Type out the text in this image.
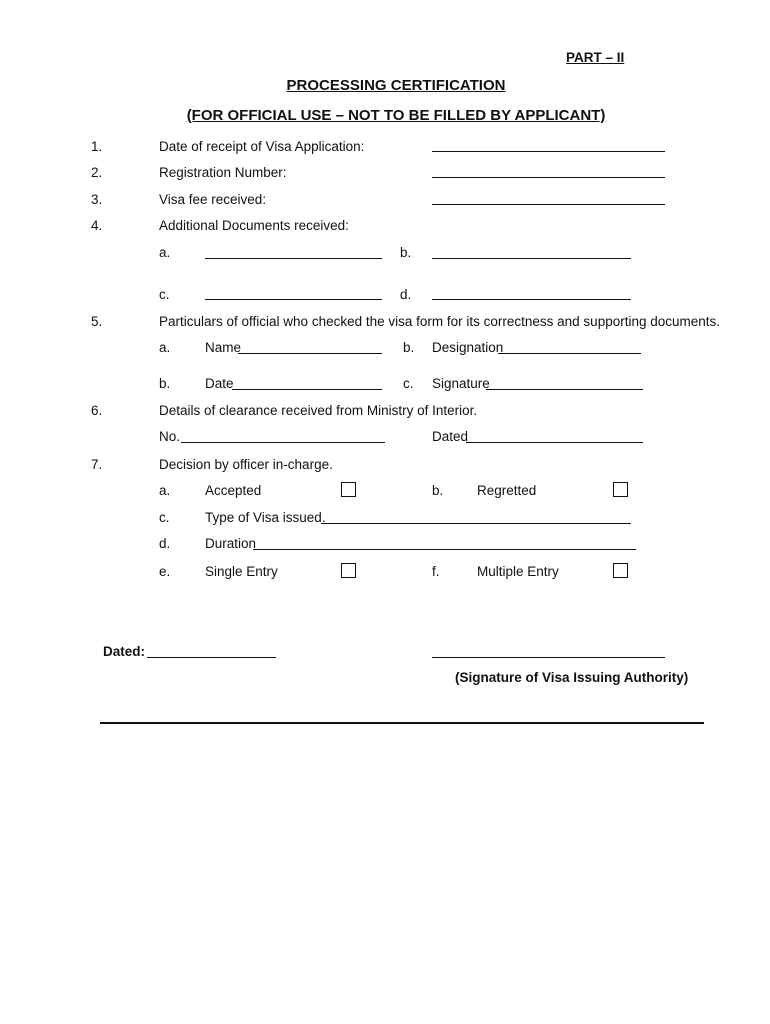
PART – II
PROCESSING CERTIFICATION
(FOR OFFICIAL USE – NOT TO BE FILLED BY APPLICANT)
1.	Date of receipt of Visa Application:
2.	Registration Number:
3.	Visa fee received:
4.	Additional Documents received:
a.	b.
c.	d.
5.	Particulars of official who checked the visa form for its correctness and supporting documents.
a.	Name	b. Designation
b.	Date	c. Signature
6.	Details of clearance received from Ministry of Interior.
No.	Dated
7.	Decision by officer in-charge.
a.	Accepted	b. Regretted
c.	Type of Visa issued.
d.	Duration
e.	Single Entry	f.	Multiple Entry
Dated:
(Signature of Visa Issuing Authority)
